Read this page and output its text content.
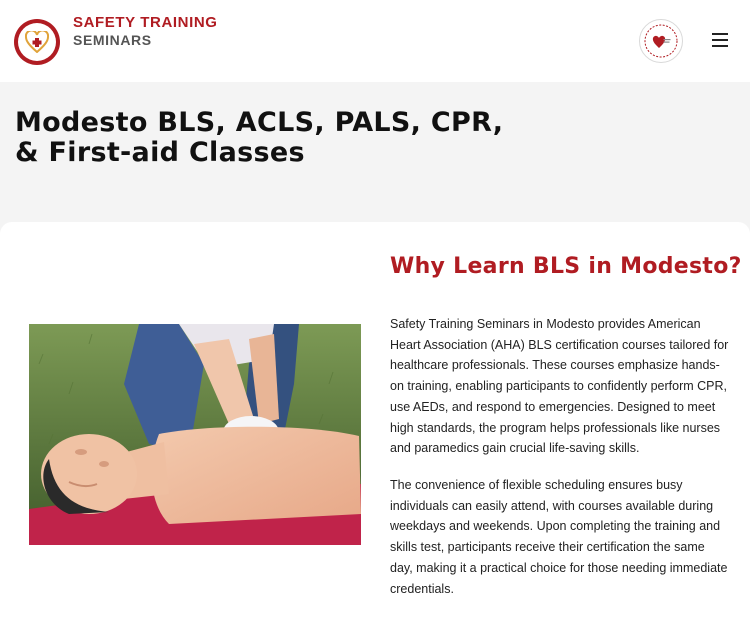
SAFETY TRAINING
SEMINARS
Modesto BLS, ACLS, PALS, CPR, & First-aid Classes
Why Learn BLS in Modesto?

Safety Training Seminars in Modesto provides American Heart Association (AHA) BLS certification courses tailored for healthcare professionals. These courses emphasize hands-on training, enabling participants to confidently perform CPR, use AEDs, and respond to emergencies. Designed to meet high standards, the program helps professionals like nurses and paramedics gain crucial life-saving skills.

The convenience of flexible scheduling ensures busy individuals can easily attend, with courses available during weekdays and weekends. Upon completing the training and skills test, participants receive their certification the same day, making it a practical choice for those needing immediate credentials.
